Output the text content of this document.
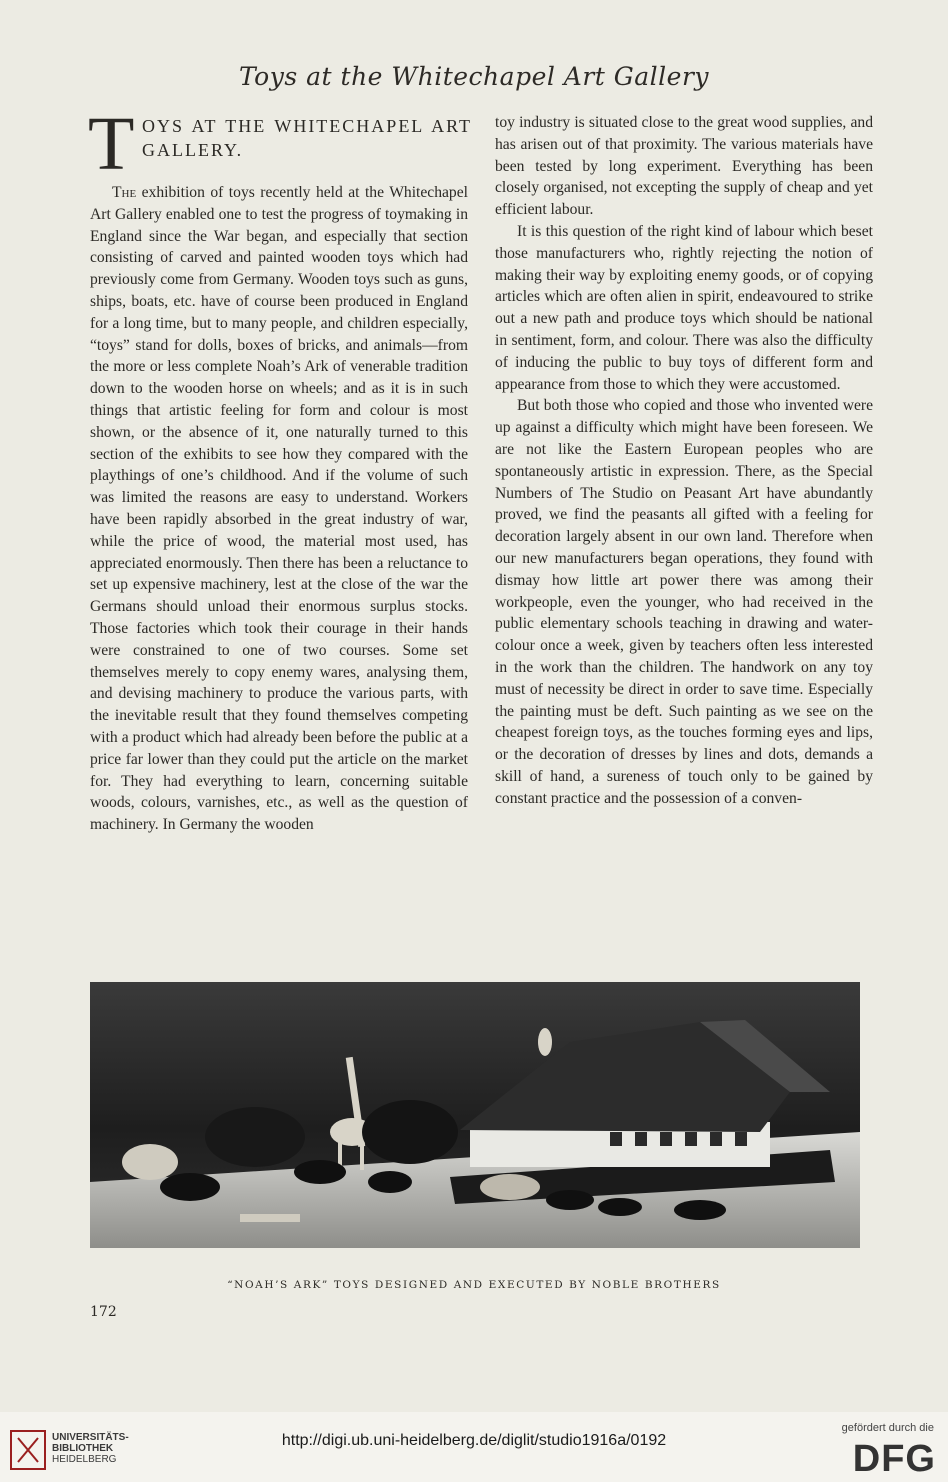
Toys at the Whitechapel Art Gallery
T OYS AT THE WHITECHAPEL ART GALLERY.

The exhibition of toys recently held at the Whitechapel Art Gallery enabled one to test the progress of toymaking in England since the War began, and especially that section consisting of carved and painted wooden toys which had previously come from Germany. Wooden toys such as guns, ships, boats, etc. have of course been produced in England for a long time, but to many people, and children especially, “toys” stand for dolls, boxes of bricks, and animals—from the more or less complete Noah’s Ark of venerable tradition down to the wooden horse on wheels; and as it is in such things that artistic feeling for form and colour is most shown, or the absence of it, one naturally turned to this section of the exhibits to see how they compared with the playthings of one’s childhood. And if the volume of such was limited the reasons are easy to understand. Workers have been rapidly absorbed in the great industry of war, while the price of wood, the material most used, has appreciated enormously. Then there has been a reluctance to set up expensive machinery, lest at the close of the war the Germans should unload their enormous surplus stocks. Those factories which took their courage in their hands were constrained to one of two courses. Some set themselves merely to copy enemy wares, analysing them, and devising machinery to produce the various parts, with the inevitable result that they found themselves competing with a product which had already been before the public at a price far lower than they could put the article on the market for. They had everything to learn, concerning suitable woods, colours, varnishes, etc., as well as the question of machinery. In Germany the wooden

toy industry is situated close to the great wood supplies, and has arisen out of that proximity. The various materials have been tested by long experiment. Everything has been closely organised, not excepting the supply of cheap and yet efficient labour.

It is this question of the right kind of labour which beset those manufacturers who, rightly rejecting the notion of making their way by exploiting enemy goods, or of copying articles which are often alien in spirit, endeavoured to strike out a new path and produce toys which should be national in sentiment, form, and colour. There was also the difficulty of inducing the public to buy toys of different form and appearance from those to which they were accustomed.

But both those who copied and those who invented were up against a difficulty which might have been foreseen. We are not like the Eastern European peoples who are spontaneously artistic in expression. There, as the Special Numbers of The Studio on Peasant Art have abundantly proved, we find the peasants all gifted with a feeling for decoration largely absent in our own land. Therefore when our new manufacturers began operations, they found with dismay how little art power there was among their workpeople, even the younger, who had received in the public elementary schools teaching in drawing and water-colour once a week, given by teachers often less interested in the work than the children. The handwork on any toy must of necessity be direct in order to save time. Especially the painting must be deft. Such painting as we see on the cheapest foreign toys, as the touches forming eyes and lips, or the decoration of dresses by lines and dots, demands a skill of hand, a sureness of touch only to be gained by constant practice and the possession of a conven-

“NOAH’S ARK” TOYS DESIGNED AND EXECUTED BY NOBLE BROTHERS
172
UNIVERSITÄTS-
BIBLIOTHEK
HEIDELBERG
http://digi.ub.uni-heidelberg.de/diglit/studio1916a/0192
gefördert durch die
DFG
